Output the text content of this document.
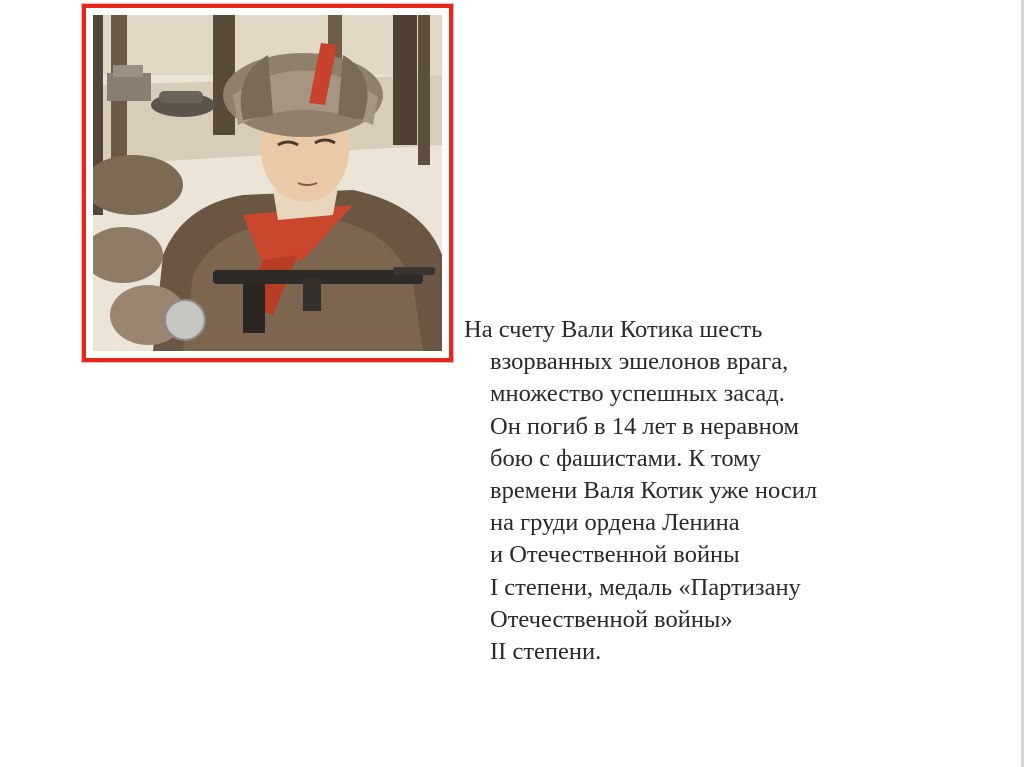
На счету Вали Котика шесть
взорванных эшелонов врага,
множество успешных засад.
Он погиб в 14 лет в неравном
бою с фашистами. К тому
времени Валя Котик уже носил
на груди ордена Ленина
и Отечественной войны
I степени, медаль «Партизану
Отечественной войны»
II степени.
